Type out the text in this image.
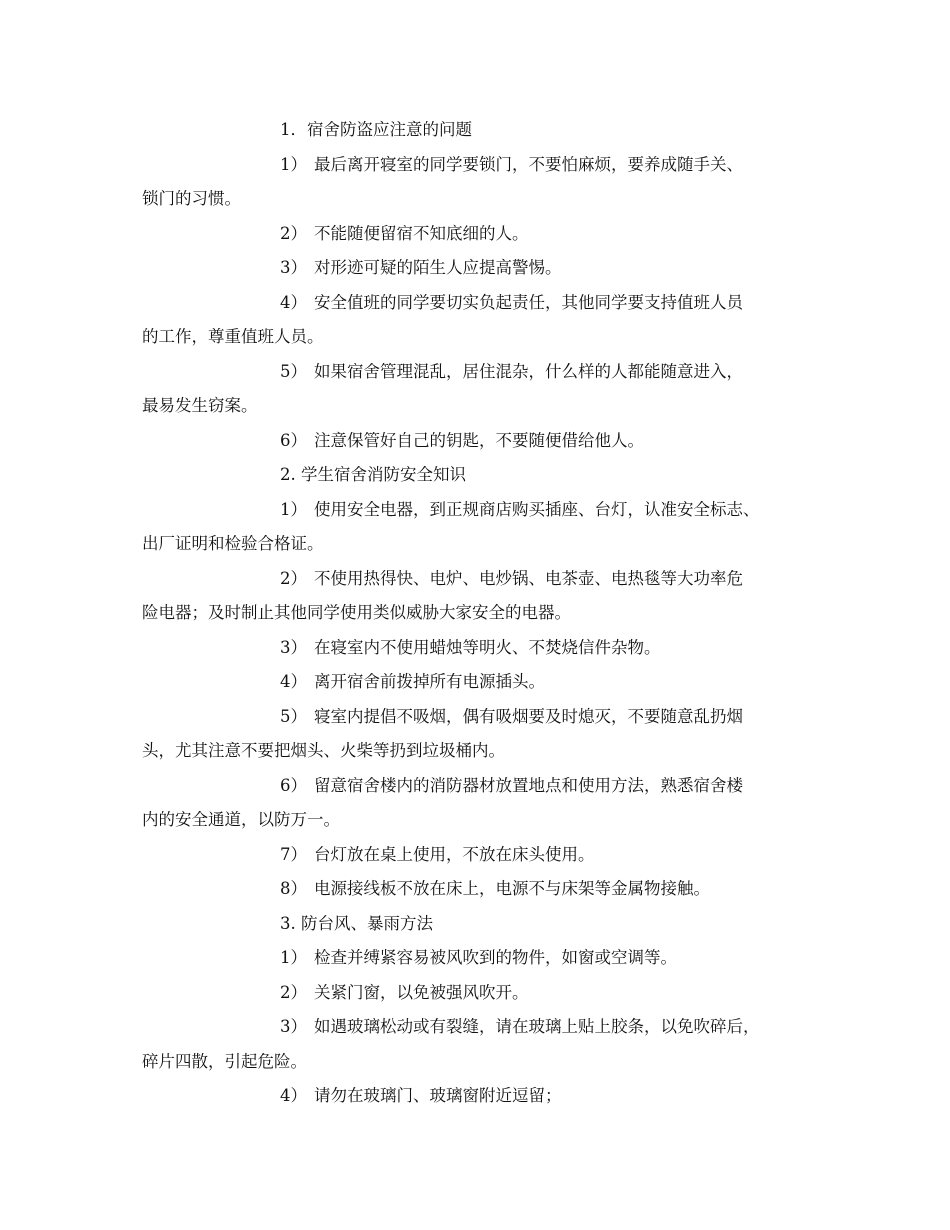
1．宿舍防盗应注意的问题
1） 最后离开寝室的同学要锁门，不要怕麻烦，要养成随手关、
锁门的习惯。
2） 不能随便留宿不知底细的人。
3） 对形迹可疑的陌生人应提高警惕。
4） 安全值班的同学要切实负起责任，其他同学要支持值班人员
的工作，尊重值班人员。
5） 如果宿舍管理混乱，居住混杂，什么样的人都能随意进入，
最易发生窃案。
6） 注意保管好自己的钥匙，不要随便借给他人。
2. 学生宿舍消防安全知识
1） 使用安全电器，到正规商店购买插座、台灯，认准安全标志、
出厂证明和检验合格证。
2） 不使用热得快、电炉、电炒锅、电茶壶、电热毯等大功率危
险电器；及时制止其他同学使用类似威胁大家安全的电器。
3） 在寝室内不使用蜡烛等明火、不焚烧信件杂物。
4） 离开宿舍前拨掉所有电源插头。
5） 寝室内提倡不吸烟，偶有吸烟要及时熄灭，不要随意乱扔烟
头，尤其注意不要把烟头、火柴等扔到垃圾桶内。
6） 留意宿舍楼内的消防器材放置地点和使用方法，熟悉宿舍楼
内的安全通道，以防万一。
7） 台灯放在桌上使用，不放在床头使用。
8） 电源接线板不放在床上，电源不与床架等金属物接触。
3. 防台风、暴雨方法
1） 检查并缚紧容易被风吹到的物件，如窗或空调等。
2） 关紧门窗，以免被强风吹开。
3） 如遇玻璃松动或有裂缝，请在玻璃上贴上胶条，以免吹碎后，
碎片四散，引起危险。
4） 请勿在玻璃门、玻璃窗附近逗留；
